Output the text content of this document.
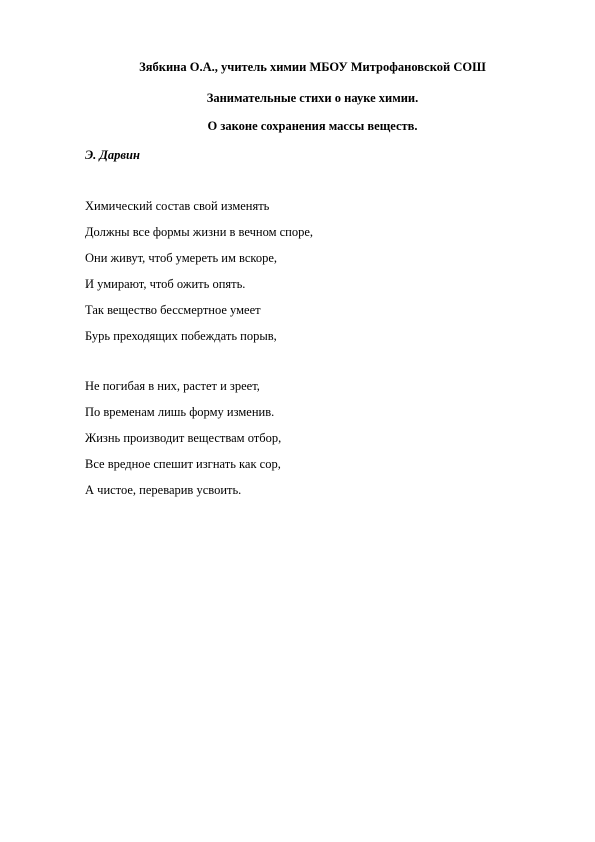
Зябкина О.А., учитель химии МБОУ Митрофановской СОШ
Занимательные стихи о науке химии.
О законе сохранения массы веществ.
Э. Дарвин
Химический состав свой изменять
Должны все формы жизни в вечном споре,
Они живут, чтоб умереть им вскоре,
И умирают, чтоб ожить опять.
Так вещество бессмертное умеет
Бурь преходящих побеждать порыв,
Не погибая в них, растет и зреет,
По временам лишь форму изменив.
Жизнь производит веществам отбор,
Все вредное спешит изгнать как сор,
А чистое, переварив усвоить.
